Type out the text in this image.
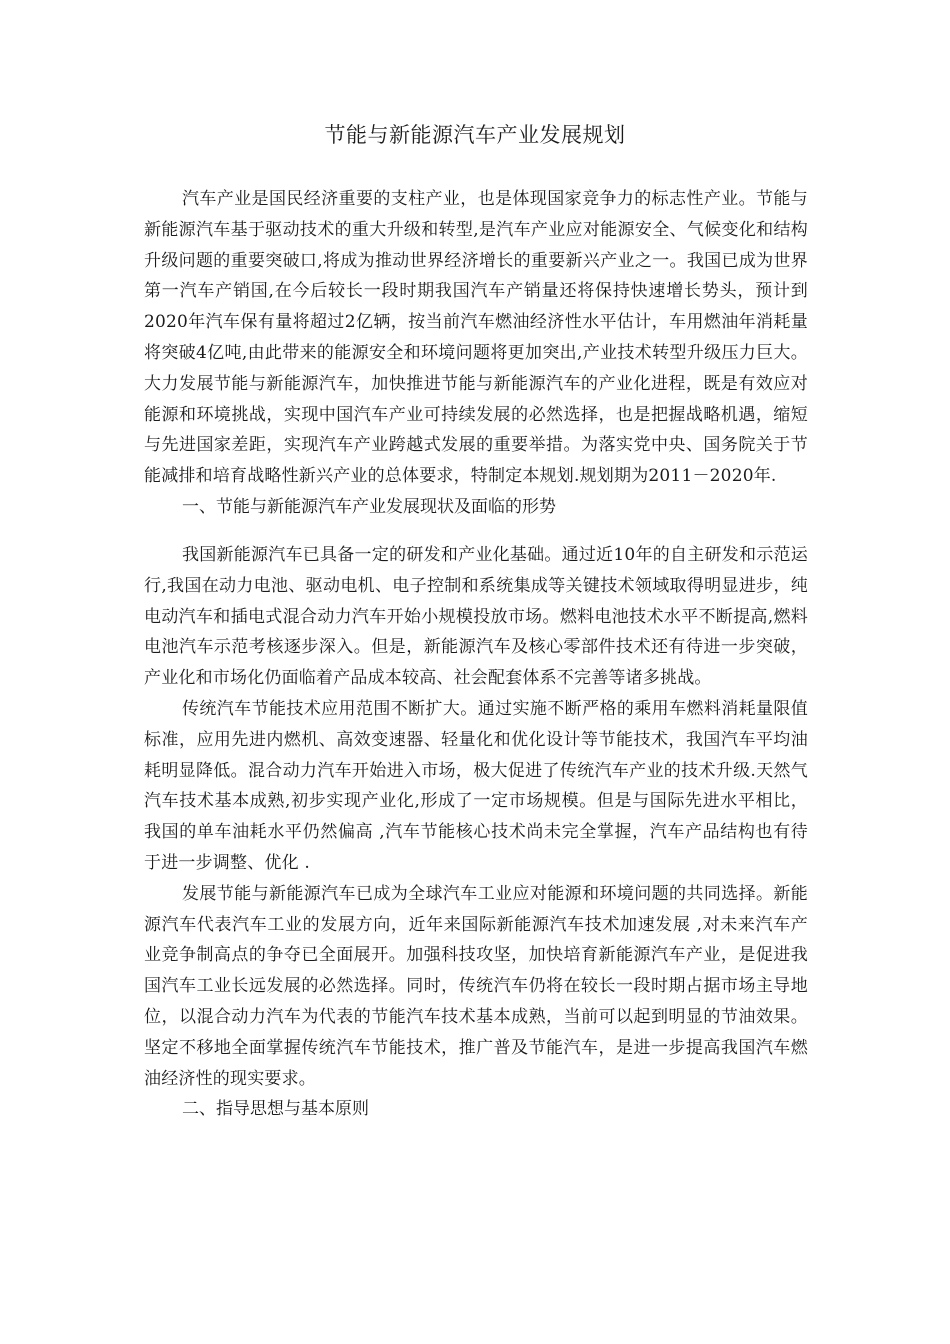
节能与新能源汽车产业发展规划

汽车产业是国民经济重要的支柱产业，也是体现国家竞争力的标志性产业。节能与新能源汽车基于驱动技术的重大升级和转型,是汽车产业应对能源安全、气候变化和结构升级问题的重要突破口,将成为推动世界经济增长的重要新兴产业之一。我国已成为世界第一汽车产销国,在今后较长一段时期我国汽车产销量还将保持快速增长势头，预计到2020年汽车保有量将超过2亿辆，按当前汽车燃油经济性水平估计，车用燃油年消耗量将突破4亿吨,由此带来的能源安全和环境问题将更加突出,产业技术转型升级压力巨大。大力发展节能与新能源汽车，加快推进节能与新能源汽车的产业化进程，既是有效应对能源和环境挑战，实现中国汽车产业可持续发展的必然选择，也是把握战略机遇，缩短与先进国家差距，实现汽车产业跨越式发展的重要举措。为落实党中央、国务院关于节能减排和培育战略性新兴产业的总体要求，特制定本规划.规划期为2011－2020年.

一、节能与新能源汽车产业发展现状及面临的形势

我国新能源汽车已具备一定的研发和产业化基础。通过近10年的自主研发和示范运行,我国在动力电池、驱动电机、电子控制和系统集成等关键技术领域取得明显进步，纯电动汽车和插电式混合动力汽车开始小规模投放市场。燃料电池技术水平不断提高,燃料电池汽车示范考核逐步深入。但是，新能源汽车及核心零部件技术还有待进一步突破，产业化和市场化仍面临着产品成本较高、社会配套体系不完善等诸多挑战。

传统汽车节能技术应用范围不断扩大。通过实施不断严格的乘用车燃料消耗量限值标准，应用先进内燃机、高效变速器、轻量化和优化设计等节能技术，我国汽车平均油耗明显降低。混合动力汽车开始进入市场，极大促进了传统汽车产业的技术升级.天然气汽车技术基本成熟,初步实现产业化,形成了一定市场规模。但是与国际先进水平相比，我国的单车油耗水平仍然偏高 ,汽车节能核心技术尚未完全掌握，汽车产品结构也有待于进一步调整、优化 .

发展节能与新能源汽车已成为全球汽车工业应对能源和环境问题的共同选择。新能源汽车代表汽车工业的发展方向，近年来国际新能源汽车技术加速发展 ,对未来汽车产业竞争制高点的争夺已全面展开。加强科技攻坚，加快培育新能源汽车产业，是促进我国汽车工业长远发展的必然选择。同时，传统汽车仍将在较长一段时期占据市场主导地位，以混合动力汽车为代表的节能汽车技术基本成熟，当前可以起到明显的节油效果。坚定不移地全面掌握传统汽车节能技术，推广普及节能汽车，是进一步提高我国汽车燃油经济性的现实要求。

二、指导思想与基本原则
